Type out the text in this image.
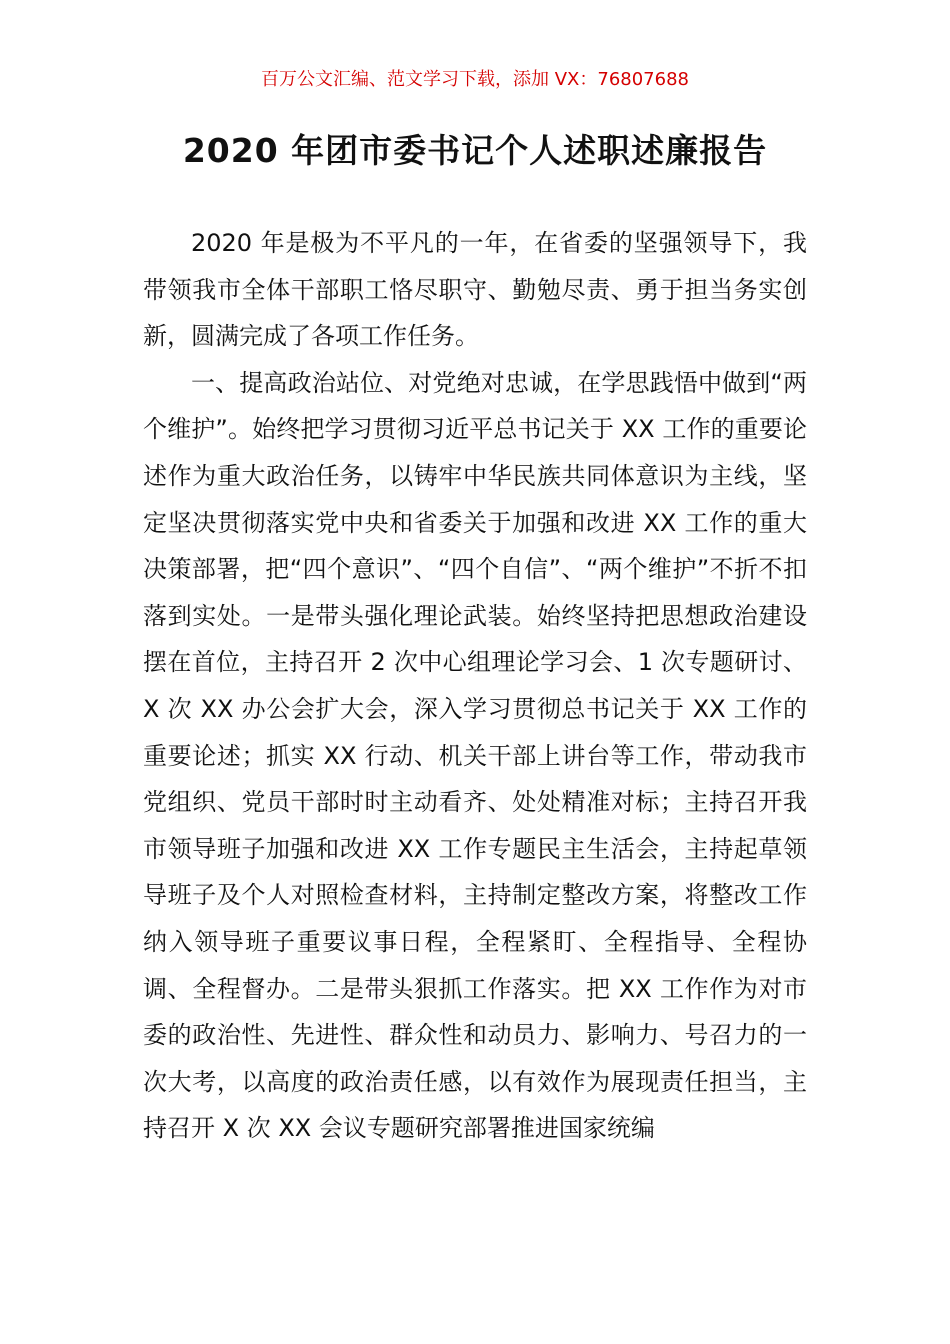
百万公文汇编、范文学习下载，添加 VX：76807688
2020 年团市委书记个人述职述廉报告

2020 年是极为不平凡的一年，在省委的坚强领导下，我带领我市全体干部职工恪尽职守、勤勉尽责、勇于担当务实创新，圆满完成了各项工作任务。

一、提高政治站位、对党绝对忠诚，在学思践悟中做到“两个维护”。始终把学习贯彻习近平总书记关于 XX 工作的重要论述作为重大政治任务，以铸牢中华民族共同体意识为主线，坚定坚决贯彻落实党中央和省委关于加强和改进 XX 工作的重大决策部署，把“四个意识”、“四个自信”、“两个维护”不折不扣落到实处。一是带头强化理论武装。始终坚持把思想政治建设摆在首位，主持召开 2 次中心组理论学习会、1 次专题研讨、X 次 XX 办公会扩大会，深入学习贯彻总书记关于 XX 工作的重要论述；抓实 XX 行动、机关干部上讲台等工作，带动我市党组织、党员干部时时主动看齐、处处精准对标；主持召开我市领导班子加强和改进 XX 工作专题民主生活会，主持起草领导班子及个人对照检查材料，主持制定整改方案，将整改工作纳入领导班子重要议事日程，全程紧盯、全程指导、全程协调、全程督办。二是带头狠抓工作落实。把 XX 工作作为对市委的政治性、先进性、群众性和动员力、影响力、号召力的一次大考，以高度的政治责任感，以有效作为展现责任担当，主持召开 X 次 XX 会议专题研究部署推进国家统编
